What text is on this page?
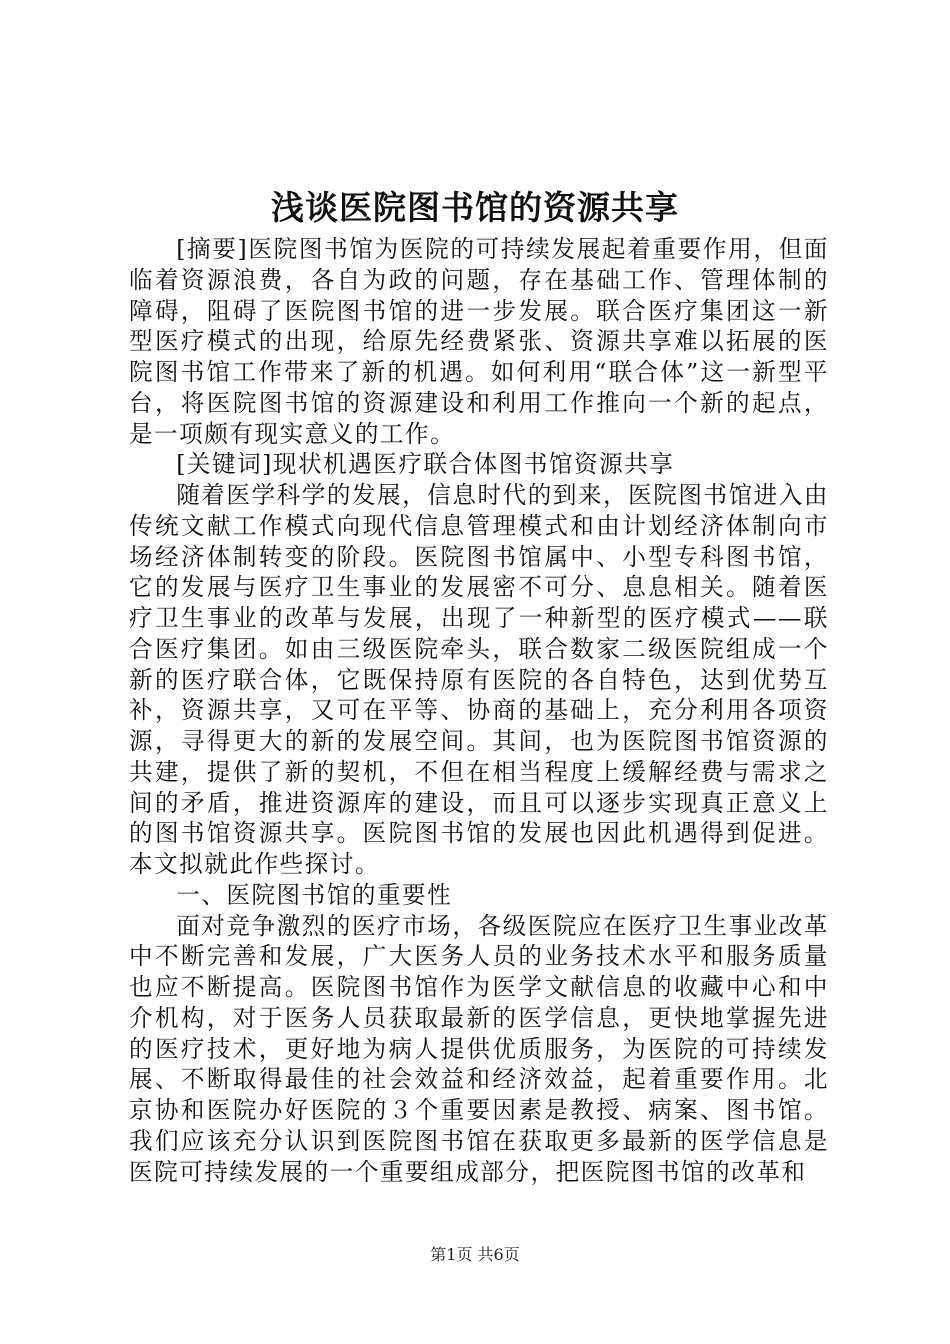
浅谈医院图书馆的资源共享

[摘要]医院图书馆为医院的可持续发展起着重要作用，但面临着资源浪费，各自为政的问题，存在基础工作、管理体制的障碍，阻碍了医院图书馆的进一步发展。联合医疗集团这一新型医疗模式的出现，给原先经费紧张、资源共享难以拓展的医院图书馆工作带来了新的机遇。如何利用“联合体”这一新型平台，将医院图书馆的资源建设和利用工作推向一个新的起点，是一项颇有现实意义的工作。

[关键词]现状机遇医疗联合体图书馆资源共享

随着医学科学的发展，信息时代的到来，医院图书馆进入由传统文献工作模式向现代信息管理模式和由计划经济体制向市场经济体制转变的阶段。医院图书馆属中、小型专科图书馆，它的发展与医疗卫生事业的发展密不可分、息息相关。随着医疗卫生事业的改革与发展，出现了一种新型的医疗模式——联合医疗集团。如由三级医院牵头，联合数家二级医院组成一个新的医疗联合体，它既保持原有医院的各自特色，达到优势互补，资源共享，又可在平等、协商的基础上，充分利用各项资源，寻得更大的新的发展空间。其间，也为医院图书馆资源的共建，提供了新的契机，不但在相当程度上缓解经费与需求之间的矛盾，推进资源库的建设，而且可以逐步实现真正意义上的图书馆资源共享。医院图书馆的发展也因此机遇得到促进。本文拟就此作些探讨。

一、医院图书馆的重要性

面对竞争激烈的医疗市场，各级医院应在医疗卫生事业改革中不断完善和发展，广大医务人员的业务技术水平和服务质量也应不断提高。医院图书馆作为医学文献信息的收藏中心和中介机构，对于医务人员获取最新的医学信息，更快地掌握先进的医疗技术，更好地为病人提供优质服务，为医院的可持续发展、不断取得最佳的社会效益和经济效益，起着重要作用。北京协和医院办好医院的３个重要因素是教授、病案、图书馆。我们应该充分认识到医院图书馆在获取更多最新的医学信息是医院可持续发展的一个重要组成部分，把医院图书馆的改革和

第1页 共6页
